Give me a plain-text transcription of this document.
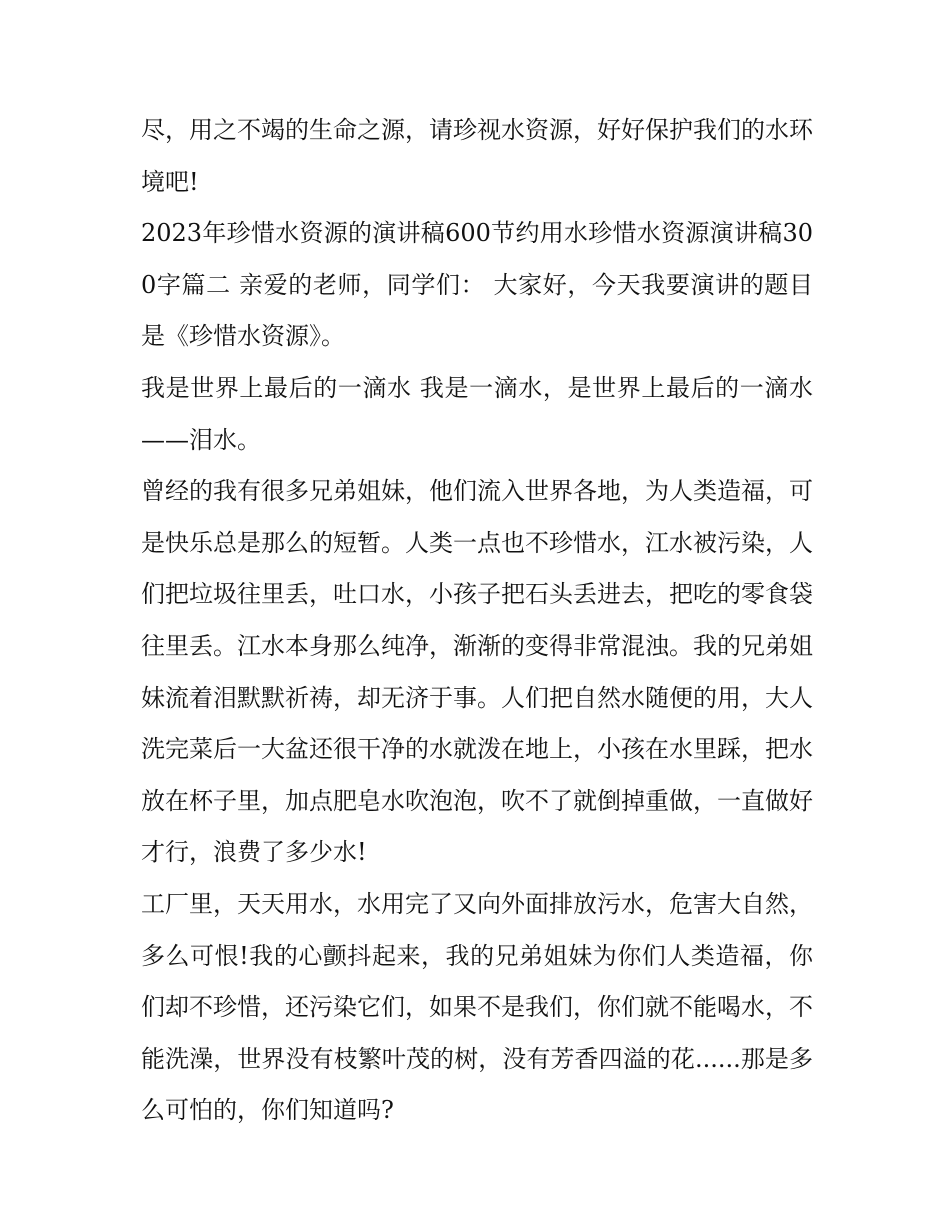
尽，用之不竭的生命之源，请珍视水资源，好好保护我们的水环境吧!

2023年珍惜水资源的演讲稿600节约用水珍惜水资源演讲稿300字篇二 亲爱的老师，同学们： 大家好，今天我要演讲的题目是《珍惜水资源》。

我是世界上最后的一滴水 我是一滴水，是世界上最后的一滴水——泪水。

曾经的我有很多兄弟姐妹，他们流入世界各地，为人类造福，可是快乐总是那么的短暂。人类一点也不珍惜水，江水被污染，人们把垃圾往里丢，吐口水，小孩子把石头丢进去，把吃的零食袋往里丢。江水本身那么纯净，渐渐的变得非常混浊。我的兄弟姐妹流着泪默默祈祷，却无济于事。人们把自然水随便的用，大人洗完菜后一大盆还很干净的水就泼在地上，小孩在水里踩，把水放在杯子里，加点肥皂水吹泡泡，吹不了就倒掉重做，一直做好才行，浪费了多少水!

工厂里，天天用水，水用完了又向外面排放污水，危害大自然，多么可恨!我的心颤抖起来，我的兄弟姐妹为你们人类造福，你们却不珍惜，还污染它们，如果不是我们，你们就不能喝水，不能洗澡，世界没有枝繁叶茂的树，没有芳香四溢的花......那是多么可怕的，你们知道吗?
